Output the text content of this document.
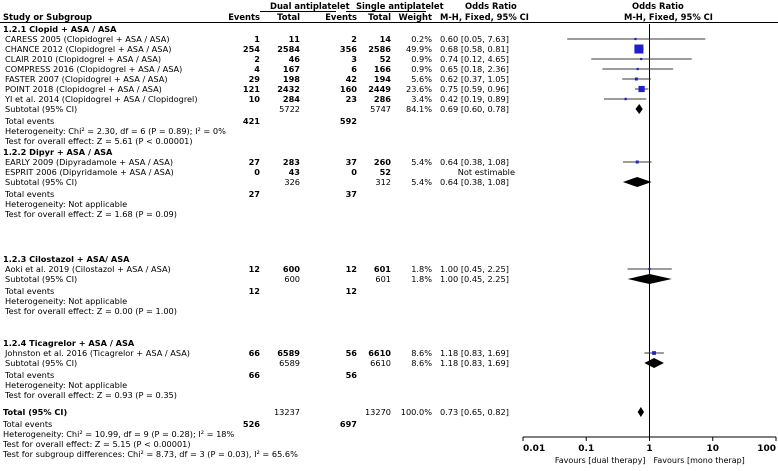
Dual antiplatelet Single antiplatelet	Odds Ratio	Odds Ratio
Study or Subgroup	Events Total	Events Total Weight M-H, Fixed, 95% CI	M-H, Fixed, 95% CI
1.2.1 Clopid + ASA / ASA
CARESS 2005 (Clopidogrel + ASA / ASA)	1	11	2	14 0.2% 0.60 [0.05, 7.63]
CHANCE 2012 (Clopidogrel + ASA / ASA)	254 2584	356 2586 49.9% 0.68 [0.58, 0.81]
CLAIR 2010 (Clopidogrel + ASA / ASA)	2	46	3	52 0.9% 0.74 [0.12, 4.65]
COMPRESS 2016 (Clopidogrel + ASA / ASA)	4	167	6 166 0.9% 0.65 [0.18, 2.36]
FASTER 2007 (Clopidogrel + ASA / ASA)	29	198	42 194 5.6% 0.62 [0.37, 1.05]
POINT 2018 (Clopidogrel + ASA / ASA)	121 2432	160 2449 23.6% 0.75 [0.59, 0.96]
YI et al. 2014 (Clopidogrel + ASA / Clopidogrel)	10	284	23 286 3.4% 0.42 [0.19, 0.89]
Subtotal (95% CI)	5722	5747 84.1% 0.69 [0.60, 0.78]
Total events	421	592
Heterogeneity: Chi² = 2.30, df = 6 (P = 0.89); I² = 0%
Test for overall effect: Z = 5.61 (P < 0.00001)
1.2.2 Dipyr + ASA / ASA
EARLY 2009 (Dipyradamole + ASA / ASA)	27	283	37 260 5.4% 0.64 [0.38, 1.08]
ESPRIT 2006 (Dipyridamole + ASA / ASA)	0	43	0	52	Not estimable
Subtotal (95% CI)	326	312 5.4% 0.64 [0.38, 1.08]
Total events	27	37
Heterogeneity: Not applicable
Test for overall effect: Z = 1.68 (P = 0.09)
1.2.3 Cilostazol + ASA/ ASA
Aoki et al. 2019 (Cilostazol + ASA / ASA)	12	600	12 601 1.8% 1.00 [0.45, 2.25]
Subtotal (95% CI)	600	601 1.8% 1.00 [0.45, 2.25]
Total events	12	12
Heterogeneity: Not applicable
Test for overall effect: Z = 0.00 (P = 1.00)
1.2.4 Ticagrelor + ASA / ASA
Johnston et al. 2016 (Ticagrelor + ASA / ASA)	66 6589	56 6610 8.6% 1.18 [0.83, 1.69]
Subtotal (95% CI)	6589	6610 8.6% 1.18 [0.83, 1.69]
Total events	66	56
Heterogeneity: Not applicable
Test for overall effect: Z = 0.93 (P = 0.35)
Total (95% CI)	13237	13270 100.0% 0.73 [0.65, 0.82]
Total events	526	697
Heterogeneity: Chi² = 10.99, df = 9 (P = 0.28); I² = 18%
Test for overall effect: Z = 5.15 (P < 0.00001)
Test for subgroup differences: Chi² = 8.73, df = 3 (P = 0.03), I² = 65.6%	0.01	0.1	1	10	100
Favours [dual therapy] Favours [mono therap]
